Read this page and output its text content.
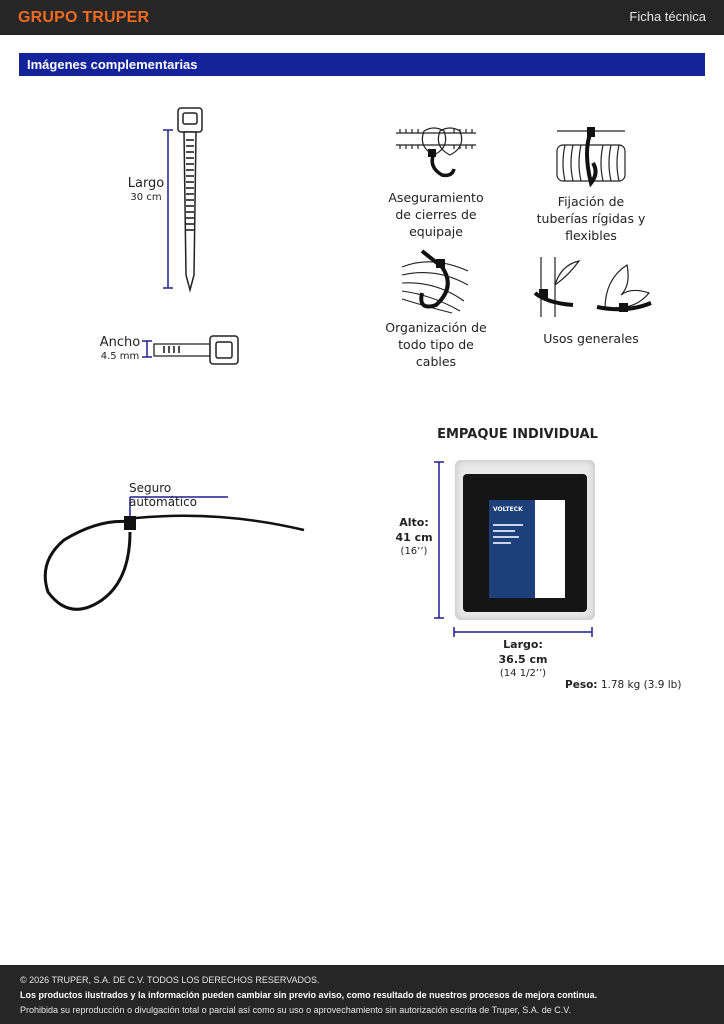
GRUPO TRUPER	Ficha técnica
Imágenes complementarias
Largo
30 cm
Ancho
4.5 mm
Aseguramiento de cierres de equipaje
Fijación de tuberías rígidas y flexibles
Organización de todo tipo de cables
Usos generales
Seguro automático
EMPAQUE INDIVIDUAL
Alto:
41 cm
(16’’)
VOLTECK
Largo:
36.5 cm
(14 1/2’’)
Peso: 1.78 kg (3.9 lb)

© 2026 TRUPER, S.A. DE C.V. TODOS LOS DERECHOS RESERVADOS.

Los productos ilustrados y la información pueden cambiar sin previo aviso, como resultado de nuestros procesos de mejora continua.

Prohibida su reproducción o divulgación total o parcial así como su uso o aprovechamiento sin autorización escrita de Truper, S.A. de C.V.
